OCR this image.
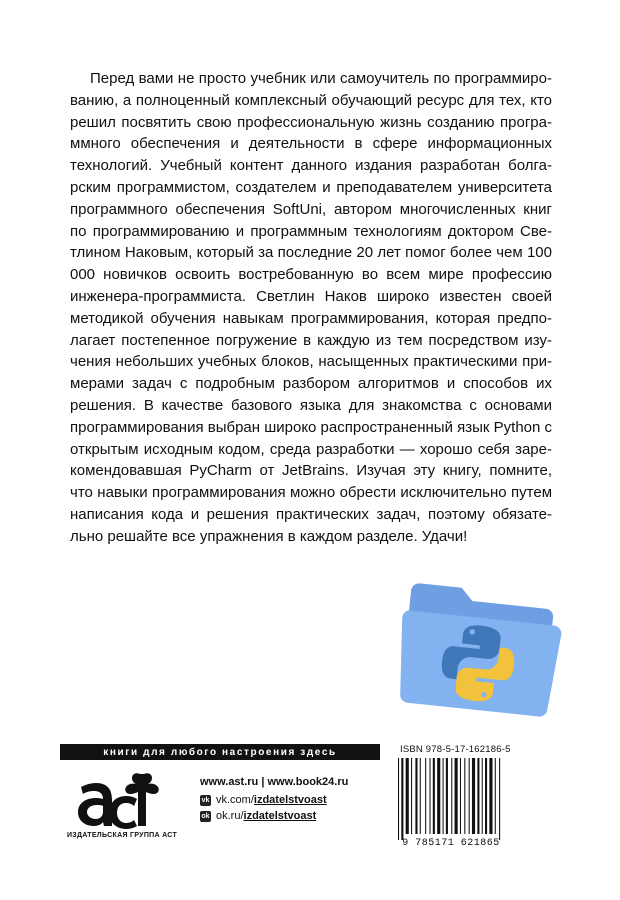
Перед вами не просто учебник или самоучитель по программированию, а полноценный комплексный обучающий ресурс для тех, кто решил посвятить свою профессиональную жизнь созданию программного обеспечения и деятельности в сфере информационных технологий. Учебный контент данного издания разработан болгарским программистом, создателем и преподавателем университета программного обеспечения SoftUni, автором многочисленных книг по программированию и программным технологиям доктором Светлином Наковым, который за последние 20 лет помог более чем 100 000 новичков освоить востребованную во всем мире профессию инженера-программиста. Светлин Наков широко известен своей методикой обучения навыкам программирования, которая предполагает постепенное погружение в каждую из тем посредством изучения небольших учебных блоков, насыщенных практическими примерами задач с подробным разбором алгоритмов и способов их решения. В качестве базового языка для знакомства с основами программирования выбран широко распространенный язык Python с открытым исходным кодом, среда разработки — хорошо себя зарекомендовавшая PyCharm от JetBrains. Изучая эту книгу, помните, что навыки программирования можно обрести исключительно путем написания кода и решения практических задач, поэтому обязательно решайте все упражнения в каждом разделе. Удачи!

книги для любого настроения здесь
ИЗДАТЕЛЬСКАЯ ГРУППА АСТ
www.ast.ru | www.book24.ru
vk vk.com/izdatelstvoast
ok ok.ru/izdatelstvoast
ISBN 978-5-17-162186-5
9 785171 621865
